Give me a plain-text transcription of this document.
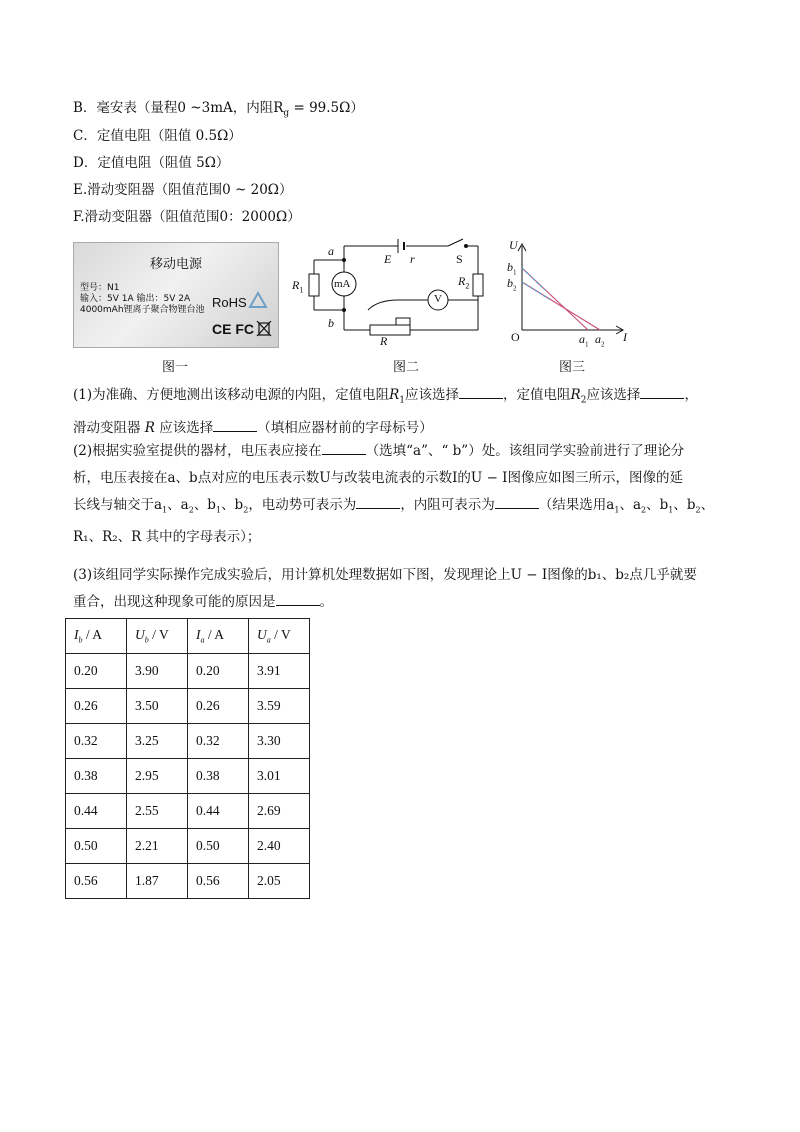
B．毫安表（量程0 ~3mA，内阻$R_g = 99.5\Omega$）
C．定值电阻（阻值 0.5Ω）
D．定值电阻（阻值 5Ω）
E.滑动变阻器（阻值范围0 ~ 20Ω）
F.滑动变阻器（阻值范围0：2000Ω）
移动电源
型号：N1
输入：5V 1A 输出：5V 2A
4000mAh锂离子聚合物锂台池 RoHS
CE FC
图一
a
b
E r	S
$R_1$
$R_2$
mA
V
R
图二
U
I
O
$b_1$
$b_2$
$a_1$ $a_2$
图三
(1)为准确、方便地测出该移动电源的内阻，定值电阻$R_1$应该选择	，定值电阻$R_2$应该选择	，
滑动变阻器 R 应该选择	（填相应器材前的字母标号）
(2)根据实验室提供的器材，电压表应接在	（选填“a”、“ b”）处。该组同学实验前进行了理论分
析，电压表接在a、b点对应的电压表示数U与改装电流表的示数I的U − I图像应如图三所示，图像的延
长线与轴交于$a_1$、$a_2$、$b_1$、$b_2$，电动势可表示为	，内阻可表示为	（结果选用$a_1$、$a_2$、$b_1$、$b_2$、
R₁、R₂、R 其中的字母表示）；
(3)该组同学实际操作完成实验后，用计算机处理数据如下图，发现理论上U − I图像的b₁、b₂点几乎就要
重合，出现这种现象可能的原因是	。
$I_b$ / A	$U_b$ / V	$I_a$ / A	$U_a$ / V
0.20	3.90	0.20	3.91
0.26	3.50	0.26	3.59
0.32	3.25	0.32	3.30
0.38	2.95	0.38	3.01
0.44	2.55	0.44	2.69
0.50	2.21	0.50	2.40
0.56	1.87	0.56	2.05
